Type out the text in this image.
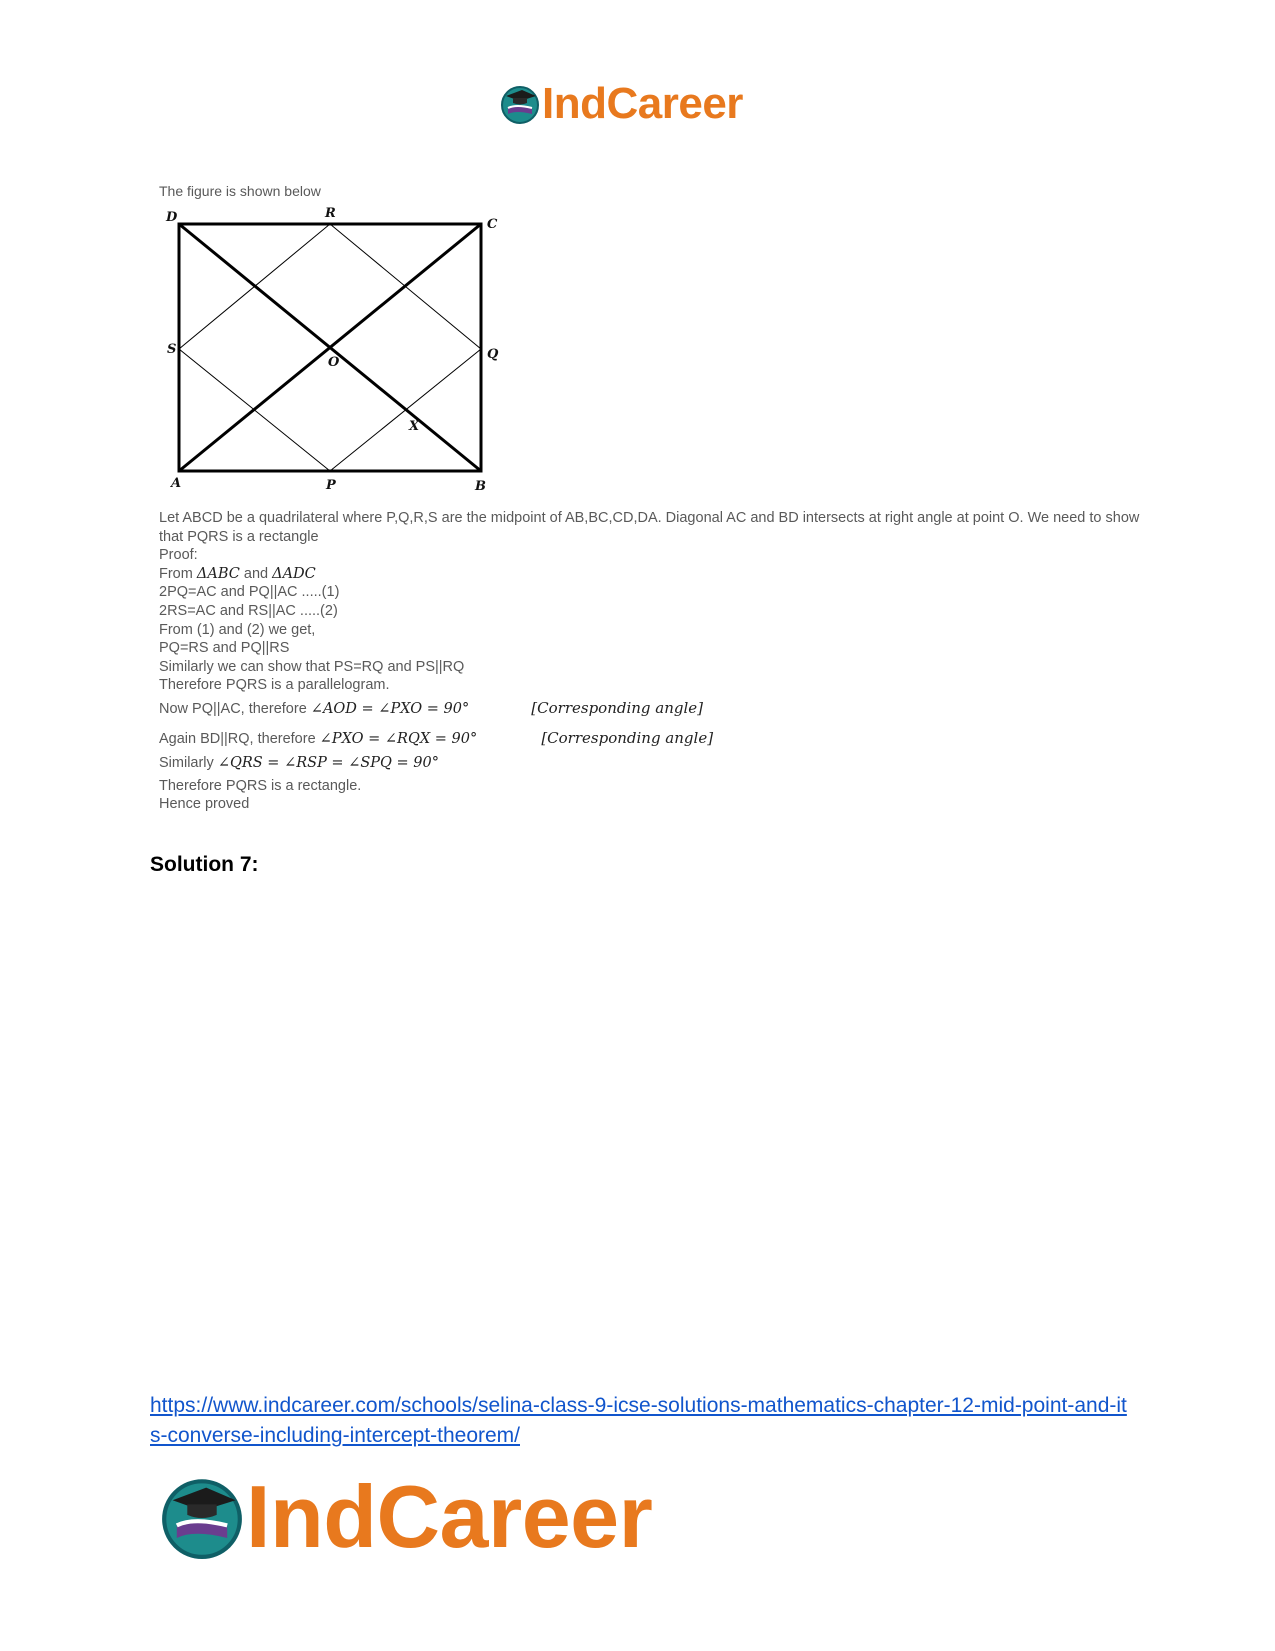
IndCareer
The figure is shown below
D	R
C
S
O
Q
X
A	P	B
Let ABCD be a quadrilateral where P,Q,R,S are the midpoint of AB,BC,CD,DA. Diagonal AC and BD intersects at right angle at point O. We need to show that PQRS is a rectangle
Proof:
From ΔABC and ΔADC
2PQ=AC and PQ||AC .....(1)
2RS=AC and RS||AC .....(2)
From (1) and (2) we get,
PQ=RS and PQ||RS
Similarly we can show that PS=RQ and PS||RQ
Therefore PQRS is a parallelogram.
Now PQ||AC, therefore ∠AOD = ∠PXO = 90°	[Corresponding angle]
Again BD||RQ, therefore ∠PXO = ∠RQX = 90°	[Corresponding angle]
Similarly ∠QRS = ∠RSP = ∠SPQ = 90°
Therefore PQRS is a rectangle.
Hence proved
Solution 7:
https://www.indcareer.com/schools/selina-class-9-icse-solutions-mathematics-chapter-12-mid-point-and-its-converse-including-intercept-theorem/
IndCareer
